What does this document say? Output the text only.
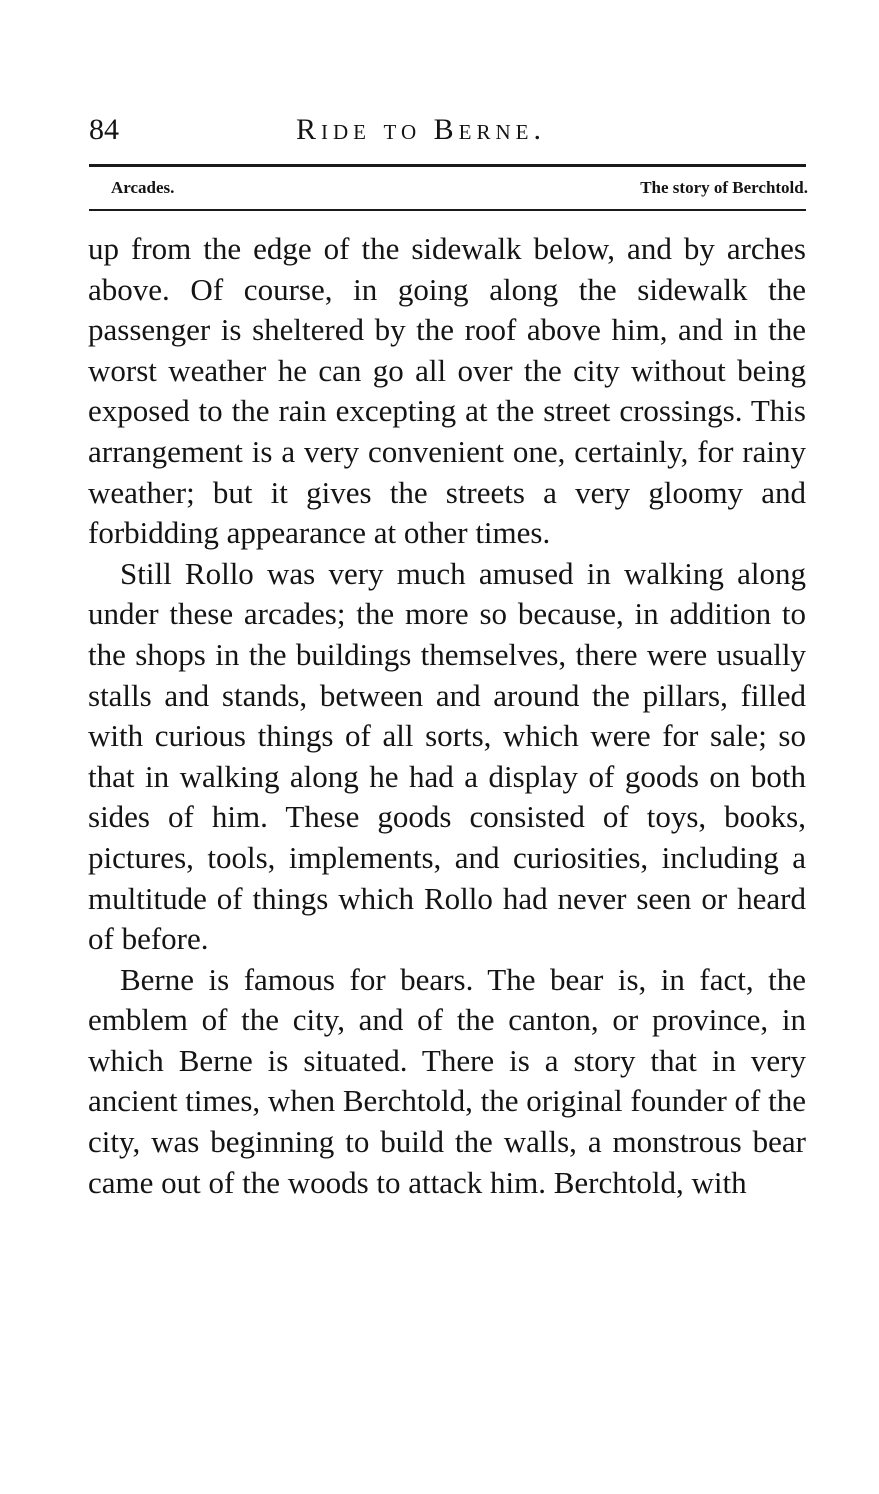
84	Ride to Berne.
Arcades.	The story of Berchtold.

up from the edge of the sidewalk below, and by arches above. Of course, in going along the sidewalk the passenger is sheltered by the roof above him, and in the worst weather he can go all over the city without being exposed to the rain excepting at the street crossings. This arrangement is a very convenient one, certainly, for rainy weather; but it gives the streets a very gloomy and forbidding appearance at other times.

Still Rollo was very much amused in walking along under these arcades; the more so because, in addition to the shops in the buildings themselves, there were usually stalls and stands, between and around the pillars, filled with curious things of all sorts, which were for sale; so that in walking along he had a display of goods on both sides of him. These goods consisted of toys, books, pictures, tools, implements, and curiosities, including a multitude of things which Rollo had never seen or heard of before.

Berne is famous for bears. The bear is, in fact, the emblem of the city, and of the canton, or province, in which Berne is situated. There is a story that in very ancient times, when Berchtold, the original founder of the city, was beginning to build the walls, a monstrous bear came out of the woods to attack him. Berchtold, with
